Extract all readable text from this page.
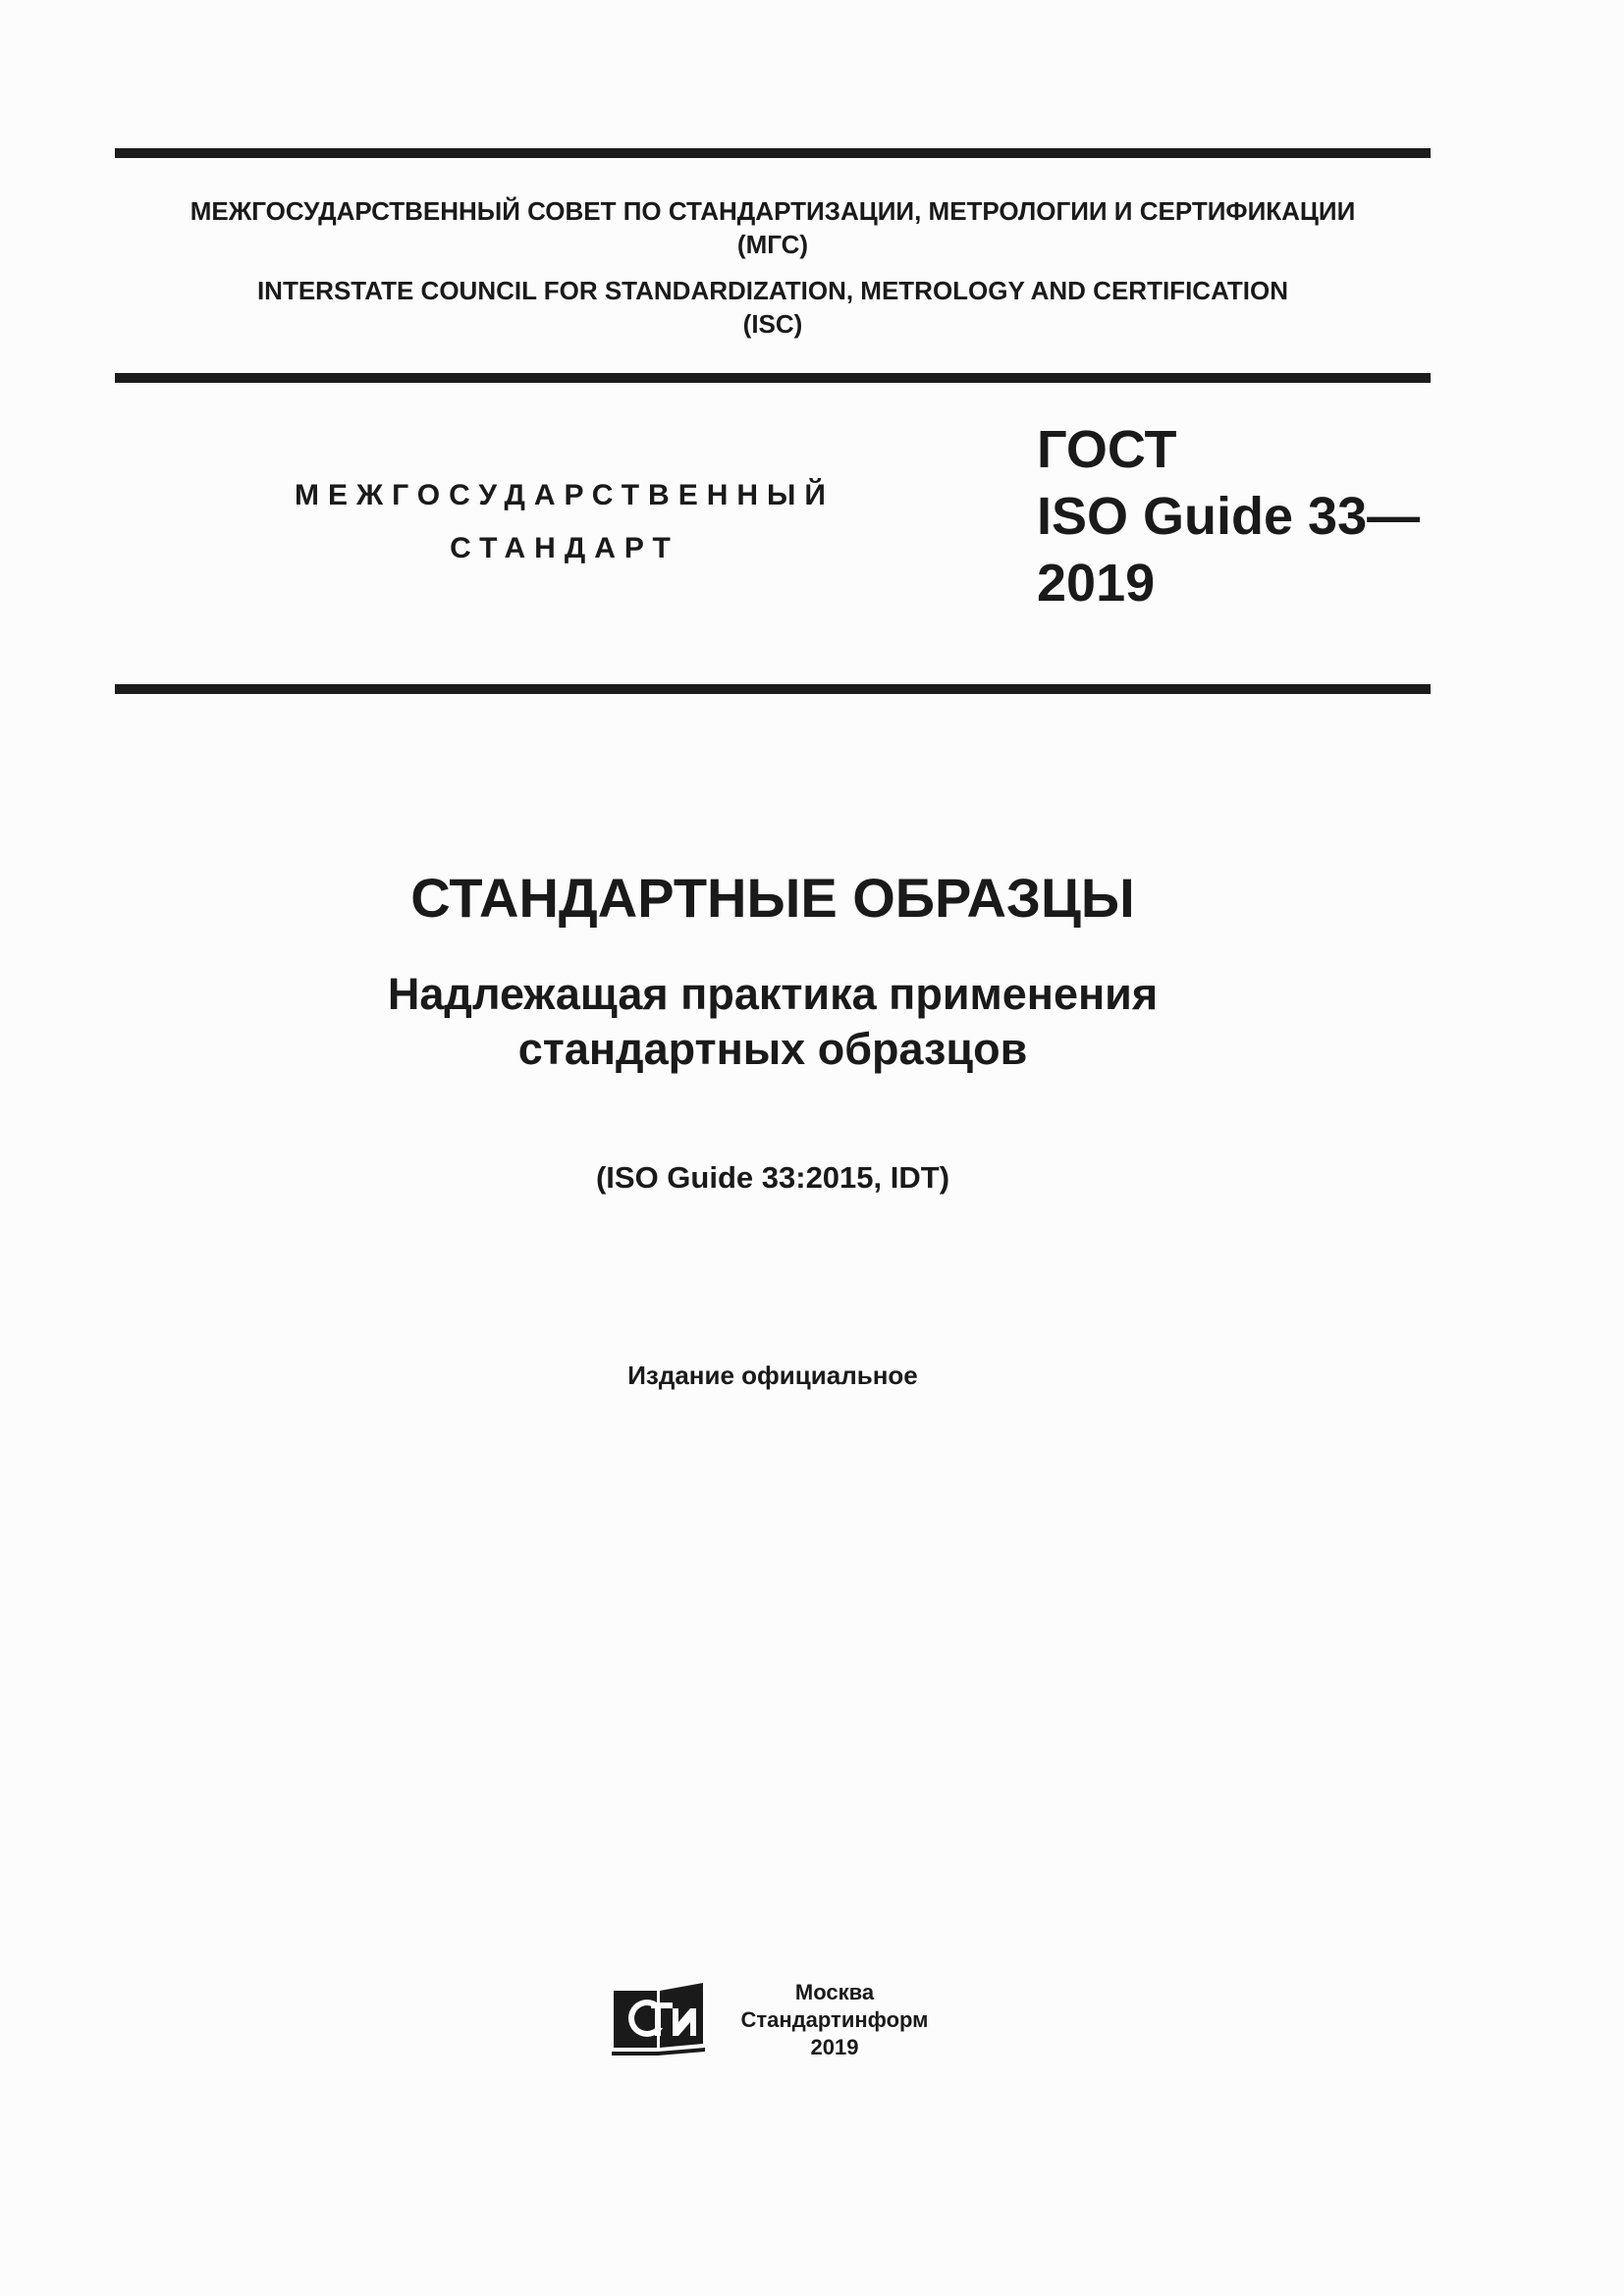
МЕЖГОСУДАРСТВЕННЫЙ СОВЕТ ПО СТАНДАРТИЗАЦИИ, МЕТРОЛОГИИ И СЕРТИФИКАЦИИ
(МГС)
INTERSTATE COUNCIL FOR STANDARDIZATION, METROLOGY AND CERTIFICATION
(ISC)
МЕЖГОСУДАРСТВЕННЫЙ
СТАНДАРТ
ГОСТ
ISO Guide 33—
2019
СТАНДАРТНЫЕ ОБРАЗЦЫ
Надлежащая практика применения
стандартных образцов
(ISO Guide 33:2015, IDT)
Издание официальное
Москва
Стандартинформ
2019
